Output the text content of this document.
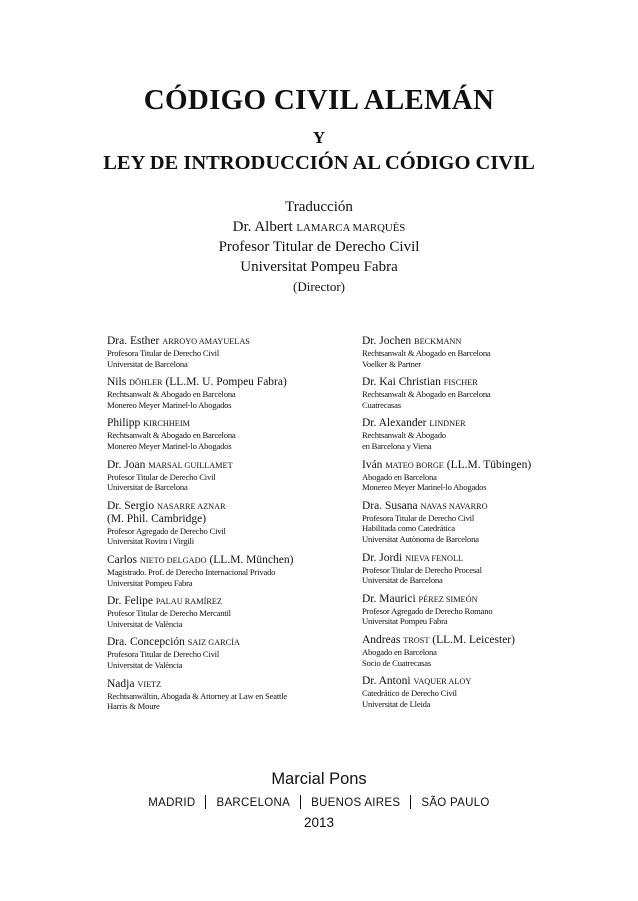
CÓDIGO CIVIL ALEMÁN
Y
LEY DE INTRODUCCIÓN AL CÓDIGO CIVIL
Traducción
Dr. Albert LAMARCA MARQUÈS
Profesor Titular de Derecho Civil
Universitat Pompeu Fabra
(Director)
Dra. Esther ARROYO AMAYUELAS
Profesora Titular de Derecho Civil
Universitat de Barcelona
Nils DÖHLER (LL.M. U. Pompeu Fabra)
Rechtsanwalt & Abogado en Barcelona
Monereo Meyer Marinel-lo Abogados
Philipp KIRCHHEIM
Rechtsanwalt & Abogado en Barcelona
Monereo Meyer Marinel-lo Abogados
Dr. Joan MARSAL GUILLAMET
Profesor Titular de Derecho Civil
Universitat de Barcelona
Dr. Sergio NASARRE AZNAR
(M. Phil. Cambridge)
Profesor Agregado de Derecho Civil
Universitat Rovira i Virgili
Carlos NIETO DELGADO (LL.M. München)
Magistrado. Prof. de Derecho Internacional Privado
Universitat Pompeu Fabra
Dr. Felipe PALAU RAMÍREZ
Profesor Titular de Derecho Mercantil
Universitat de València
Dra. Concepción SAIZ GARCÍA
Profesora Titular de Derecho Civil
Universitat de València
Nadja VIETZ
Rechtsanwältin, Abogada & Attorney at Law en Seattle
Harris & Moure
Dr. Jochen BECKMANN
Rechtsanwalt & Abogado en Barcelona
Voelker & Partner
Dr. Kai Christian FISCHER
Rechtsanwalt & Abogado en Barcelona
Cuatrecasas
Dr. Alexander LINDNER
Rechtsanwalt & Abogado
en Barcelona y Viena
Iván MATEO BORGE (LL.M. Tübingen)
Abogado en Barcelona
Monereo Meyer Marinel-lo Abogados
Dra. Susana NAVAS NAVARRO
Profesora Titular de Derecho Civil
Habilitada como Catedrática
Universitat Autònoma de Barcelona
Dr. Jordi NIEVA FENOLL
Profesor Titular de Derecho Procesal
Universitat de Barcelona
Dr. Maurici PÉREZ SIMEÓN
Profesor Agregado de Derecho Romano
Universitat Pompeu Fabra
Andreas TROST (LL.M. Leicester)
Abogado en Barcelona
Socio de Cuatrecasas
Dr. Antoni VAQUER ALOY
Catedrático de Derecho Civil
Universitat de Lleida
Marcial Pons
MADRID BARCELONA BUENOS AIRES SÃO PAULO
2013
